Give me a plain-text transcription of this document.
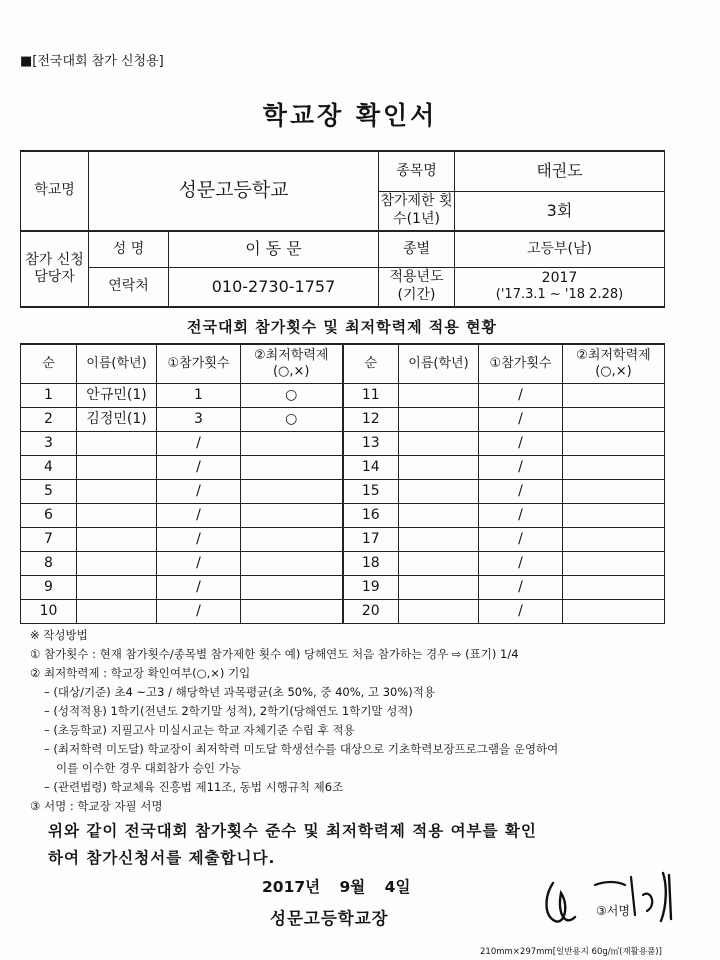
■[전국대회 참가 신청용]
학교장 확인서
학교명	성문고등학교		종목명	태권도
			참가제한 횟수(1년)	3회
참가 신청 담당자	성 명	이 동 문	종별	고등부(남)
	연락처	010-2730-1757	적용년도 (기간)	2017
('17.3.1 ~ '18 2.28)
전국대회 참가횟수 및 최저학력제 적용 현황
순	이름(학년)	①참가횟수	②최저학력제 (○,×)	순	이름(학년)	①참가횟수	②최저학력제 (○,×)
1	안규민(1)	1	○	11		/	
2	김정민(1)	3	○	12		/	
3		/		13		/	
4		/		14		/	
5		/		15		/	
6		/		16		/	
7		/		17		/	
8		/		18		/	
9		/		19		/	
10		/		20		/	
※ 작성방법
① 참가횟수 : 현재 참가횟수/종목별 참가제한 횟수 예) 당해연도 처음 참가하는 경우 ⇨ (표기) 1/4
② 최저학력제 : 학교장 확인여부(○,×) 기입
– (대상/기준) 초4 ~고3 / 해당학년 과목평균(초 50%, 중 40%, 고 30%)적용
– (성적적용) 1학기(전년도 2학기말 성적), 2학기(당해연도 1학기말 성적)
– (초등학교) 지필고사 미실시교는 학교 자체기준 수립 후 적용
– (최저학력 미도달) 학교장이 최저학력 미도달 학생선수를 대상으로 기초학력보장프로그램을 운영하여
이를 이수한 경우 대회참가 승인 가능
– (관련법령) 학교체육 진흥법 제11조, 동법 시행규칙 제6조
③ 서명 : 학교장 자필 서명
위와 같이 전국대회 참가횟수 준수 및 최저학력제 적용 여부를 확인
하여 참가신청서를 제출합니다.
2017년 9월 4일
성문고등학교장	③서명
210mm×297mm[일반용지 60g/㎡(재활용품)]
